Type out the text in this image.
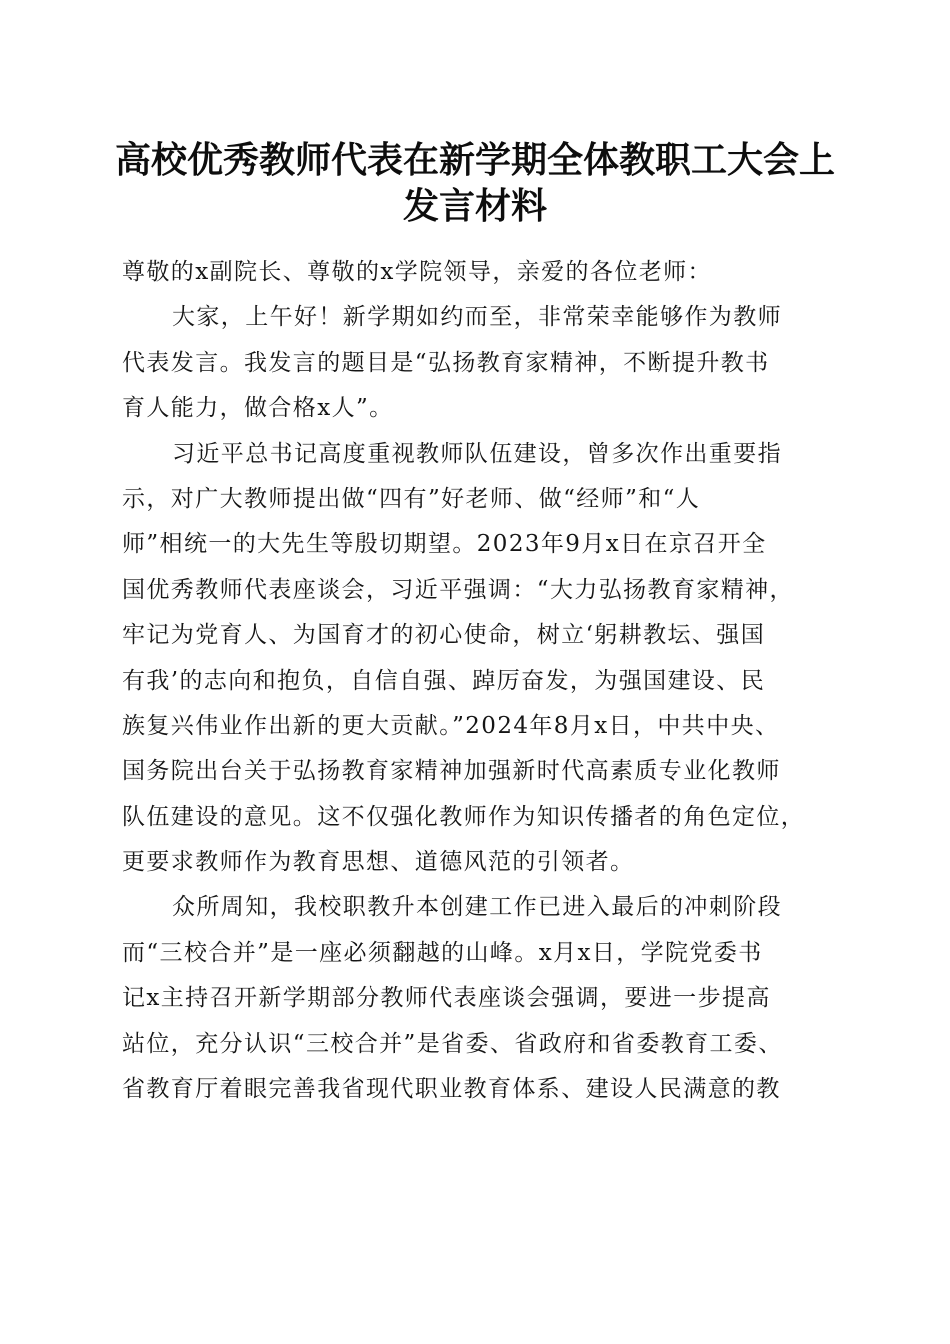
高校优秀教师代表在新学期全体教职工大会上
发言材料
尊敬的x副院长、尊敬的x学院领导，亲爱的各位老师：
大家，上午好！新学期如约而至，非常荣幸能够作为教师
代表发言。我发言的题目是“弘扬教育家精神，不断提升教书
育人能力，做合格x人”。
习近平总书记高度重视教师队伍建设，曾多次作出重要指
示，对广大教师提出做“四有”好老师、做“经师”和“人
师”相统一的大先生等殷切期望。2023年9月x日在京召开全
国优秀教师代表座谈会，习近平强调：“大力弘扬教育家精神，
牢记为党育人、为国育才的初心使命，树立‘躬耕教坛、强国
有我’的志向和抱负，自信自强、踔厉奋发，为强国建设、民
族复兴伟业作出新的更大贡献。”2024年8月x日，中共中央、
国务院出台关于弘扬教育家精神加强新时代高素质专业化教师
队伍建设的意见。这不仅强化教师作为知识传播者的角色定位，
更要求教师作为教育思想、道德风范的引领者。
众所周知，我校职教升本创建工作已进入最后的冲刺阶段
而“三校合并”是一座必须翻越的山峰。x月x日，学院党委书
记x主持召开新学期部分教师代表座谈会强调，要进一步提高
站位，充分认识“三校合并”是省委、省政府和省委教育工委、
省教育厅着眼完善我省现代职业教育体系、建设人民满意的教
